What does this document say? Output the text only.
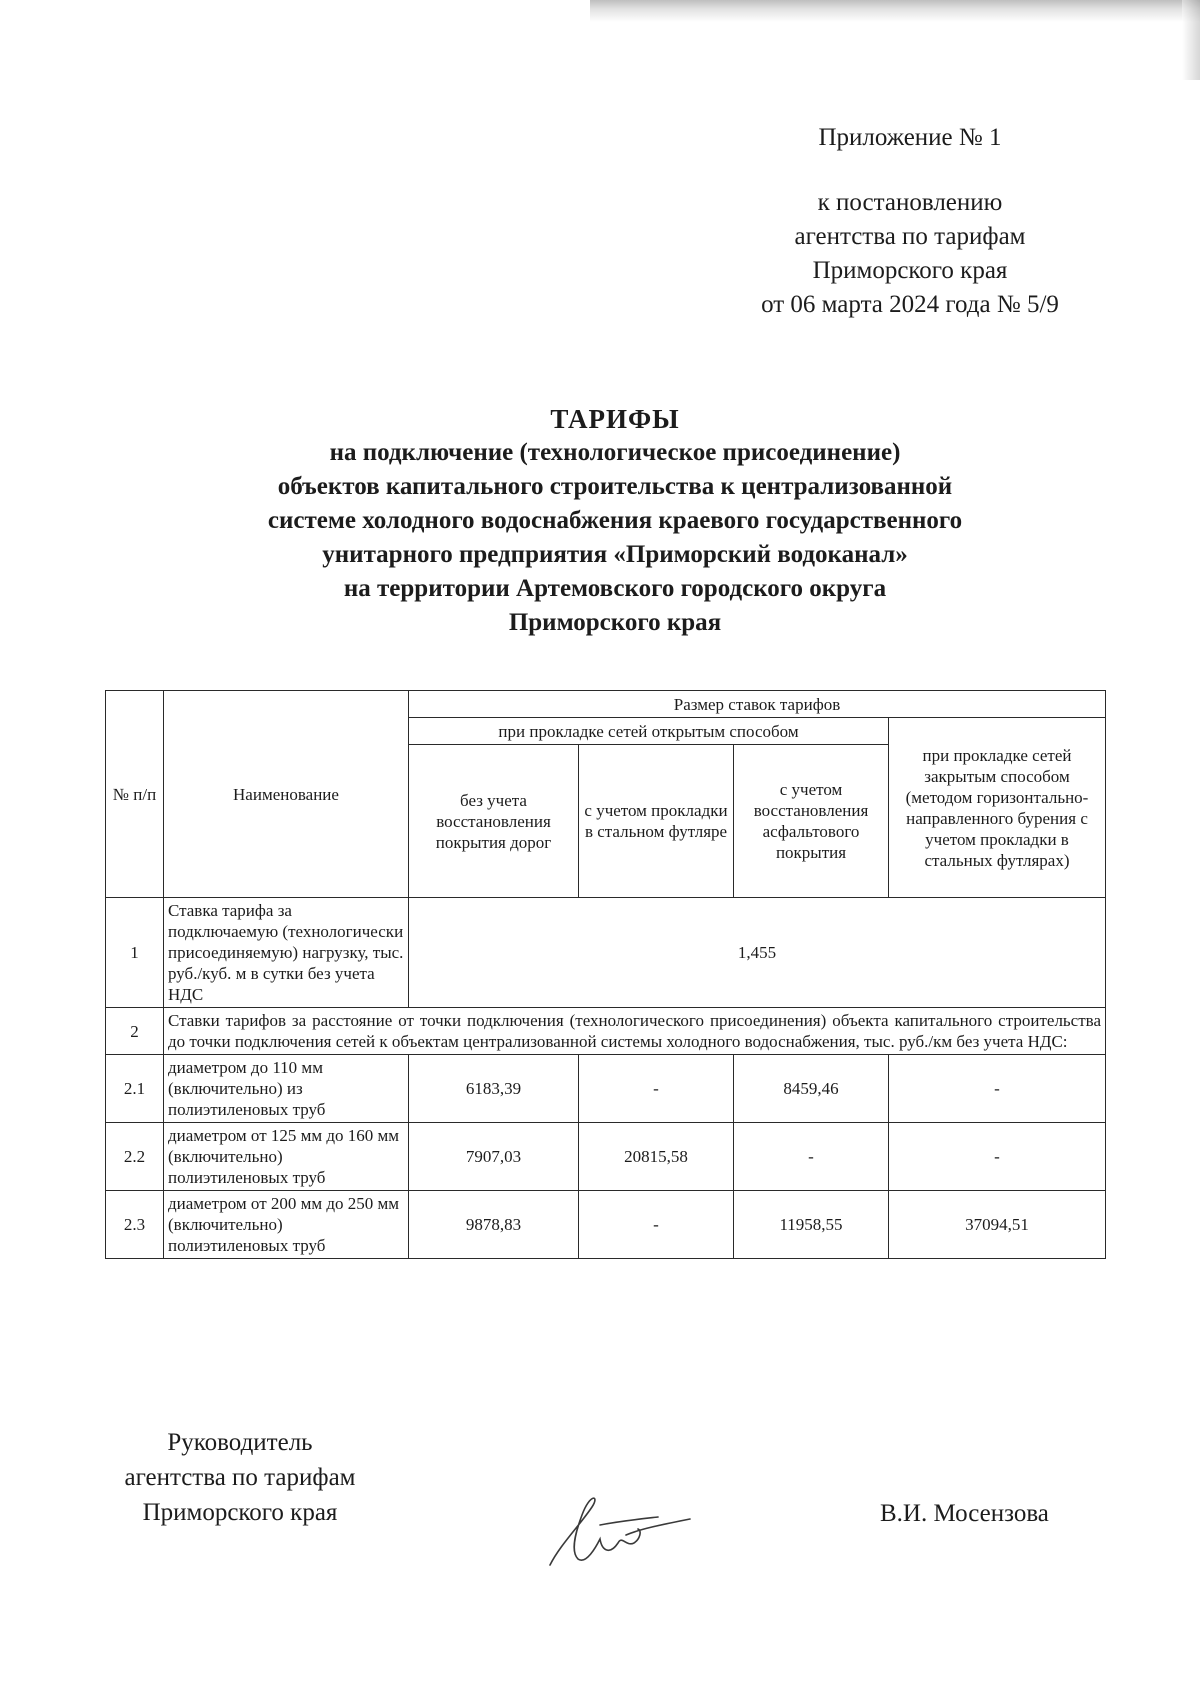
Приложение № 1
к постановлению
агентства по тарифам
Приморского края
от 06 марта 2024 года № 5/9
ТАРИФЫ
на подключение (технологическое присоединение)
объектов капитального строительства к централизованной
системе холодного водоснабжения краевого государственного
унитарного предприятия «Приморский водоканал»
на территории Артемовского городского округа
Приморского края
№ п/п	Наименование	Размер ставок тарифов			
		при прокладке сетей открытым способом			при прокладке сетей закрытым способом (методом горизонтально-направленного бурения с учетом прокладки в стальных футлярах)
		без учета восстановления покрытия дорог	с учетом прокладки в стальном футляре	с учетом восстановления асфальтового покрытия	
1	Ставка тарифа за подключаемую (технологически присоединяемую) нагрузку, тыс. руб./куб. м в сутки без учета НДС	1,455			
2	Ставки тарифов за расстояние от точки подключения (технологического присоединения) объекта капитального строительства до точки подключения сетей к объектам централизованной системы холодного водоснабжения, тыс. руб./км без учета НДС:				
2.1	диаметром до 110 мм (включительно) из полиэтиленовых труб	6183,39	-	8459,46	-
2.2	диаметром от 125 мм до 160 мм (включительно) полиэтиленовых труб	7907,03	20815,58	-	-
2.3	диаметром от 200 мм до 250 мм (включительно) полиэтиленовых труб	9878,83	-	11958,55	37094,51
Руководитель
агентства по тарифам
Приморского края	В.И. Мосензова
